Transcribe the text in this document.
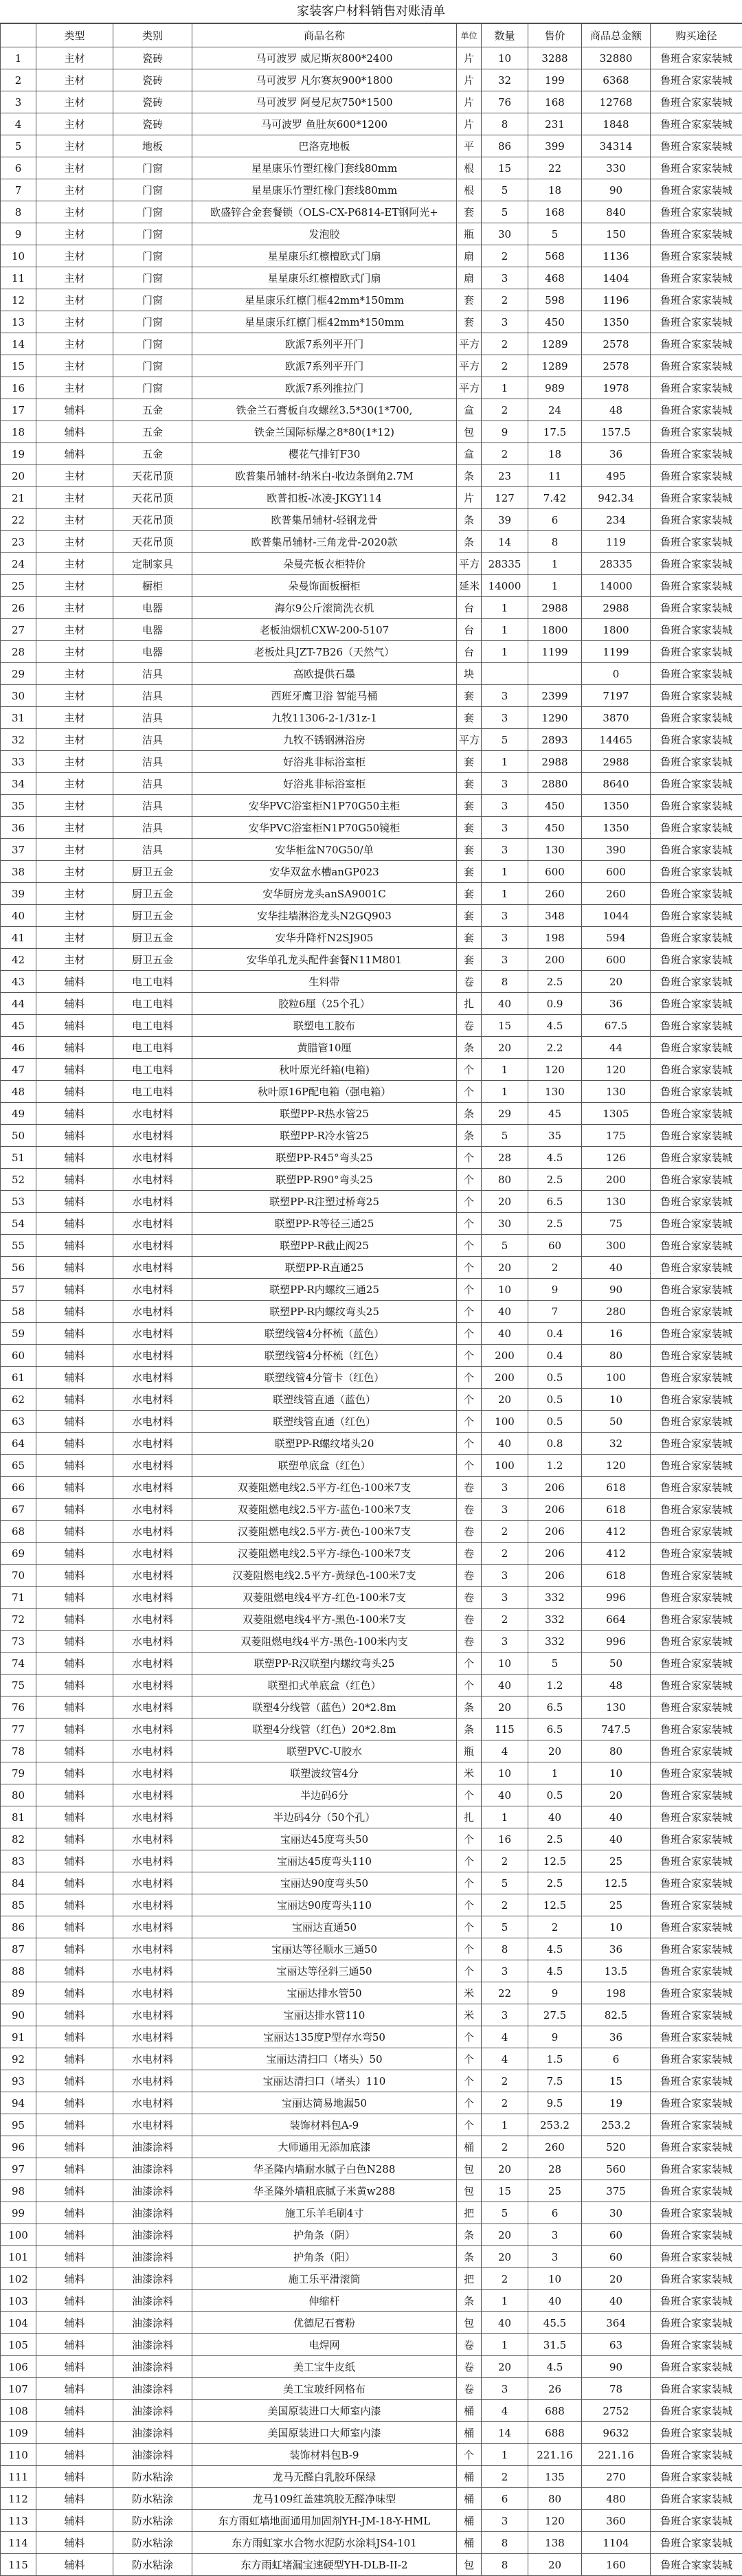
家装客户材料销售对账清单
	类型	类别	商品名称	单位	数量	售价	商品总金额	购买途径
1	主材	瓷砖	马可波罗 威尼斯灰800*2400	片	10	3288	32880	鲁班合家家装城
2	主材	瓷砖	马可波罗 凡尔赛灰900*1800	片	32	199	6368	鲁班合家家装城
3	主材	瓷砖	马可波罗 阿曼尼灰750*1500	片	76	168	12768	鲁班合家家装城
4	主材	瓷砖	马可波罗 鱼肚灰600*1200	片	8	231	1848	鲁班合家家装城
5	主材	地板	巴洛克地板	平	86	399	34314	鲁班合家家装城
6	主材	门窗	星星康乐竹塑红橡门套线80mm	根	15	22	330	鲁班合家家装城
7	主材	门窗	星星康乐竹塑红橡门套线80mm	根	5	18	90	鲁班合家家装城
8	主材	门窗	欧盛锌合金套餐锁（OLS-CX-P6814-ET钢阿光+	套	5	168	840	鲁班合家家装城
9	主材	门窗	发泡胶	瓶	30	5	150	鲁班合家家装城
10	主材	门窗	星星康乐红檩檀欧式门扇	扇	2	568	1136	鲁班合家家装城
11	主材	门窗	星星康乐红檩檀欧式门扇	扇	3	468	1404	鲁班合家家装城
12	主材	门窗	星星康乐红檩门框42mm*150mm	套	2	598	1196	鲁班合家家装城
13	主材	门窗	星星康乐红檩门框42mm*150mm	套	3	450	1350	鲁班合家家装城
14	主材	门窗	欧派7系列平开门	平方	2	1289	2578	鲁班合家家装城
15	主材	门窗	欧派7系列平开门	平方	2	1289	2578	鲁班合家家装城
16	主材	门窗	欧派7系列推拉门	平方	1	989	1978	鲁班合家家装城
17	辅料	五金	铁金兰石膏板自攻螺丝3.5*30(1*700,	盒	2	24	48	鲁班合家家装城
18	辅料	五金	铁金兰国际标爆之8*80(1*12)	包	9	17.5	157.5	鲁班合家家装城
19	辅料	五金	樱花气排钉F30	盒	2	18	36	鲁班合家家装城
20	主材	天花吊顶	欧普集吊辅材-纳米白-收边条倒角2.7M	条	23	11	495	鲁班合家家装城
21	主材	天花吊顶	欧普扣板-冰凌-JKGY114	片	127	7.42	942.34	鲁班合家家装城
22	主材	天花吊顶	欧普集吊辅材-轻钢龙骨	条	39	6	234	鲁班合家家装城
23	主材	天花吊顶	欧普集吊辅材-三角龙骨-2020款	条	14	8	119	鲁班合家家装城
24	主材	定制家具	朵曼壳板衣柜特价	平方	28335	1	28335	鲁班合家家装城
25	主材	橱柜	朵曼饰面板橱柜	延米	14000	1	14000	鲁班合家家装城
26	主材	电器	海尔9公斤滚筒洗衣机	台	1	2988	2988	鲁班合家家装城
27	主材	电器	老板油烟机CXW-200-5107	台	1	1800	1800	鲁班合家家装城
28	主材	电器	老板灶具JZT-7B26（天然气）	台	1	1199	1199	鲁班合家家装城
29	主材	洁具	高欧提供石墨	块			0	鲁班合家家装城
30	主材	洁具	西班牙鹰卫浴 智能马桶	套	3	2399	7197	鲁班合家家装城
31	主材	洁具	九牧11306-2-1/31z-1	套	3	1290	3870	鲁班合家家装城
32	主材	洁具	九牧不锈钢淋浴房	平方	5	2893	14465	鲁班合家家装城
33	主材	洁具	好浴兆非标浴室柜	套	1	2988	2988	鲁班合家家装城
34	主材	洁具	好浴兆非标浴室柜	套	3	2880	8640	鲁班合家家装城
35	主材	洁具	安华PVC浴室柜N1P70G50主柜	套	3	450	1350	鲁班合家家装城
36	主材	洁具	安华PVC浴室柜N1P70G50镜柜	套	3	450	1350	鲁班合家家装城
37	主材	洁具	安华柜盆N70G50/单	套	3	130	390	鲁班合家家装城
38	主材	厨卫五金	安华双盆水槽anGP023	套	1	600	600	鲁班合家家装城
39	主材	厨卫五金	安华厨房龙头anSA9001C	套	1	260	260	鲁班合家家装城
40	主材	厨卫五金	安华挂墙淋浴龙头N2GQ903	套	3	348	1044	鲁班合家家装城
41	主材	厨卫五金	安华升降杆N2SJ905	套	3	198	594	鲁班合家家装城
42	主材	厨卫五金	安华单孔龙头配件套餐N11M801	套	3	200	600	鲁班合家家装城
43	辅料	电工电料	生料带	卷	8	2.5	20	鲁班合家家装城
44	辅料	电工电料	胶粒6厘（25个孔）	扎	40	0.9	36	鲁班合家家装城
45	辅料	电工电料	联塑电工胶布	卷	15	4.5	67.5	鲁班合家家装城
46	辅料	电工电料	黄腊管10厘	条	20	2.2	44	鲁班合家家装城
47	辅料	电工电料	秋叶原光纤箱(电箱)	个	1	120	120	鲁班合家家装城
48	辅料	电工电料	秋叶原16P配电箱（强电箱）	个	1	130	130	鲁班合家家装城
49	辅料	水电材料	联塑PP-R热水管25	条	29	45	1305	鲁班合家家装城
50	辅料	水电材料	联塑PP-R冷水管25	条	5	35	175	鲁班合家家装城
51	辅料	水电材料	联塑PP-R45°弯头25	个	28	4.5	126	鲁班合家家装城
52	辅料	水电材料	联塑PP-R90°弯头25	个	80	2.5	200	鲁班合家家装城
53	辅料	水电材料	联塑PP-R注塑过桥弯25	个	20	6.5	130	鲁班合家家装城
54	辅料	水电材料	联塑PP-R等径三通25	个	30	2.5	75	鲁班合家家装城
55	辅料	水电材料	联塑PP-R截止阀25	个	5	60	300	鲁班合家家装城
56	辅料	水电材料	联塑PP-R直通25	个	20	2	40	鲁班合家家装城
57	辅料	水电材料	联塑PP-R内螺纹三通25	个	10	9	90	鲁班合家家装城
58	辅料	水电材料	联塑PP-R内螺纹弯头25	个	40	7	280	鲁班合家家装城
59	辅料	水电材料	联塑线管4分杯梳（蓝色）	个	40	0.4	16	鲁班合家家装城
60	辅料	水电材料	联塑线管4分杯梳（红色）	个	200	0.4	80	鲁班合家家装城
61	辅料	水电材料	联塑线管4分管卡（红色）	个	200	0.5	100	鲁班合家家装城
62	辅料	水电材料	联塑线管直通（蓝色）	个	20	0.5	10	鲁班合家家装城
63	辅料	水电材料	联塑线管直通（红色）	个	100	0.5	50	鲁班合家家装城
64	辅料	水电材料	联塑PP-R螺纹堵头20	个	40	0.8	32	鲁班合家家装城
65	辅料	水电材料	联塑单底盒（红色）	个	100	1.2	120	鲁班合家家装城
66	辅料	水电材料	双菱阻燃电线2.5平方-红色-100米7支	卷	3	206	618	鲁班合家家装城
67	辅料	水电材料	双菱阻燃电线2.5平方-蓝色-100米7支	卷	3	206	618	鲁班合家家装城
68	辅料	水电材料	汉菱阻燃电线2.5平方-黄色-100米7支	卷	2	206	412	鲁班合家家装城
69	辅料	水电材料	汉菱阻燃电线2.5平方-绿色-100米7支	卷	2	206	412	鲁班合家家装城
70	辅料	水电材料	汉菱阻燃电线2.5平方-黄绿色-100米7支	卷	3	206	618	鲁班合家家装城
71	辅料	水电材料	双菱阻燃电线4平方-红色-100米7支	卷	3	332	996	鲁班合家家装城
72	辅料	水电材料	双菱阻燃电线4平方-黑色-100米7支	卷	2	332	664	鲁班合家家装城
73	辅料	水电材料	双菱阻燃电线4平方-黑色-100米内支	卷	3	332	996	鲁班合家家装城
74	辅料	水电材料	联塑PP-R汉联塑内螺纹弯头25	个	10	5	50	鲁班合家家装城
75	辅料	水电材料	联塑扣式单底盒（红色）	个	40	1.2	48	鲁班合家家装城
76	辅料	水电材料	联塑4分线管（蓝色）20*2.8m	条	20	6.5	130	鲁班合家家装城
77	辅料	水电材料	联塑4分线管（红色）20*2.8m	条	115	6.5	747.5	鲁班合家家装城
78	辅料	水电材料	联塑PVC-U胶水	瓶	4	20	80	鲁班合家家装城
79	辅料	水电材料	联塑波纹管4分	米	10	1	10	鲁班合家家装城
80	辅料	水电材料	半边码6分	个	40	0.5	20	鲁班合家家装城
81	辅料	水电材料	半边码4分（50个孔）	扎	1	40	40	鲁班合家家装城
82	辅料	水电材料	宝丽达45度弯头50	个	16	2.5	40	鲁班合家家装城
83	辅料	水电材料	宝丽达45度弯头110	个	2	12.5	25	鲁班合家家装城
84	辅料	水电材料	宝丽达90度弯头50	个	5	2.5	12.5	鲁班合家家装城
85	辅料	水电材料	宝丽达90度弯头110	个	2	12.5	25	鲁班合家家装城
86	辅料	水电材料	宝丽达直通50	个	5	2	10	鲁班合家家装城
87	辅料	水电材料	宝丽达等径顺水三通50	个	8	4.5	36	鲁班合家家装城
88	辅料	水电材料	宝丽达等径斜三通50	个	3	4.5	13.5	鲁班合家家装城
89	辅料	水电材料	宝丽达排水管50	米	22	9	198	鲁班合家家装城
90	辅料	水电材料	宝丽达排水管110	米	3	27.5	82.5	鲁班合家家装城
91	辅料	水电材料	宝丽达135度P型存水弯50	个	4	9	36	鲁班合家家装城
92	辅料	水电材料	宝丽达清扫口（堵头）50	个	4	1.5	6	鲁班合家家装城
93	辅料	水电材料	宝丽达清扫口（堵头）110	个	2	7.5	15	鲁班合家家装城
94	辅料	水电材料	宝丽达简易地漏50	个	2	9.5	19	鲁班合家家装城
95	辅料	水电材料	装饰材料包A-9	个	1	253.2	253.2	鲁班合家家装城
96	辅料	油漆涂料	大师通用无添加底漆	桶	2	260	520	鲁班合家家装城
97	辅料	油漆涂料	华圣隆内墙耐水腻子白色N288	包	20	28	560	鲁班合家家装城
98	辅料	油漆涂料	华圣隆外墙粗底腻子米黄w288	包	15	25	375	鲁班合家家装城
99	辅料	油漆涂料	施工乐羊毛刷4寸	把	5	6	30	鲁班合家家装城
100	辅料	油漆涂料	护角条（阴）	条	20	3	60	鲁班合家家装城
101	辅料	油漆涂料	护角条（阳）	条	20	3	60	鲁班合家家装城
102	辅料	油漆涂料	施工乐平滑滚筒	把	2	10	20	鲁班合家家装城
103	辅料	油漆涂料	伸缩杆	条	1	40	40	鲁班合家家装城
104	辅料	油漆涂料	优德尼石膏粉	包	40	45.5	364	鲁班合家家装城
105	辅料	油漆涂料	电焊网	卷	1	31.5	63	鲁班合家家装城
106	辅料	油漆涂料	美工宝牛皮纸	卷	20	4.5	90	鲁班合家家装城
107	辅料	油漆涂料	美工宝玻纤网格布	卷	3	26	78	鲁班合家家装城
108	辅料	油漆涂料	美国原装进口大师室内漆	桶	4	688	2752	鲁班合家家装城
109	辅料	油漆涂料	美国原装进口大师室内漆	桶	14	688	9632	鲁班合家家装城
110	辅料	油漆涂料	装饰材料包B-9	个	1	221.16	221.16	鲁班合家家装城
111	辅料	防水粘涂	龙马无醛白乳胶环保绿	桶	2	135	270	鲁班合家家装城
112	辅料	防水粘涂	龙马109红盖建筑胶无醛净味型	桶	6	80	480	鲁班合家家装城
113	辅料	防水粘涂	东方雨虹墙地面通用加固剂YH-JM-18-Y-HML	桶	3	120	360	鲁班合家家装城
114	辅料	防水粘涂	东方雨虹家水合物水泥防水涂料JS4-101	桶	8	138	1104	鲁班合家家装城
115	辅料	防水粘涂	东方雨虹堵漏宝速硬型YH-DLB-II-2	包	8	20	160	鲁班合家家装城
